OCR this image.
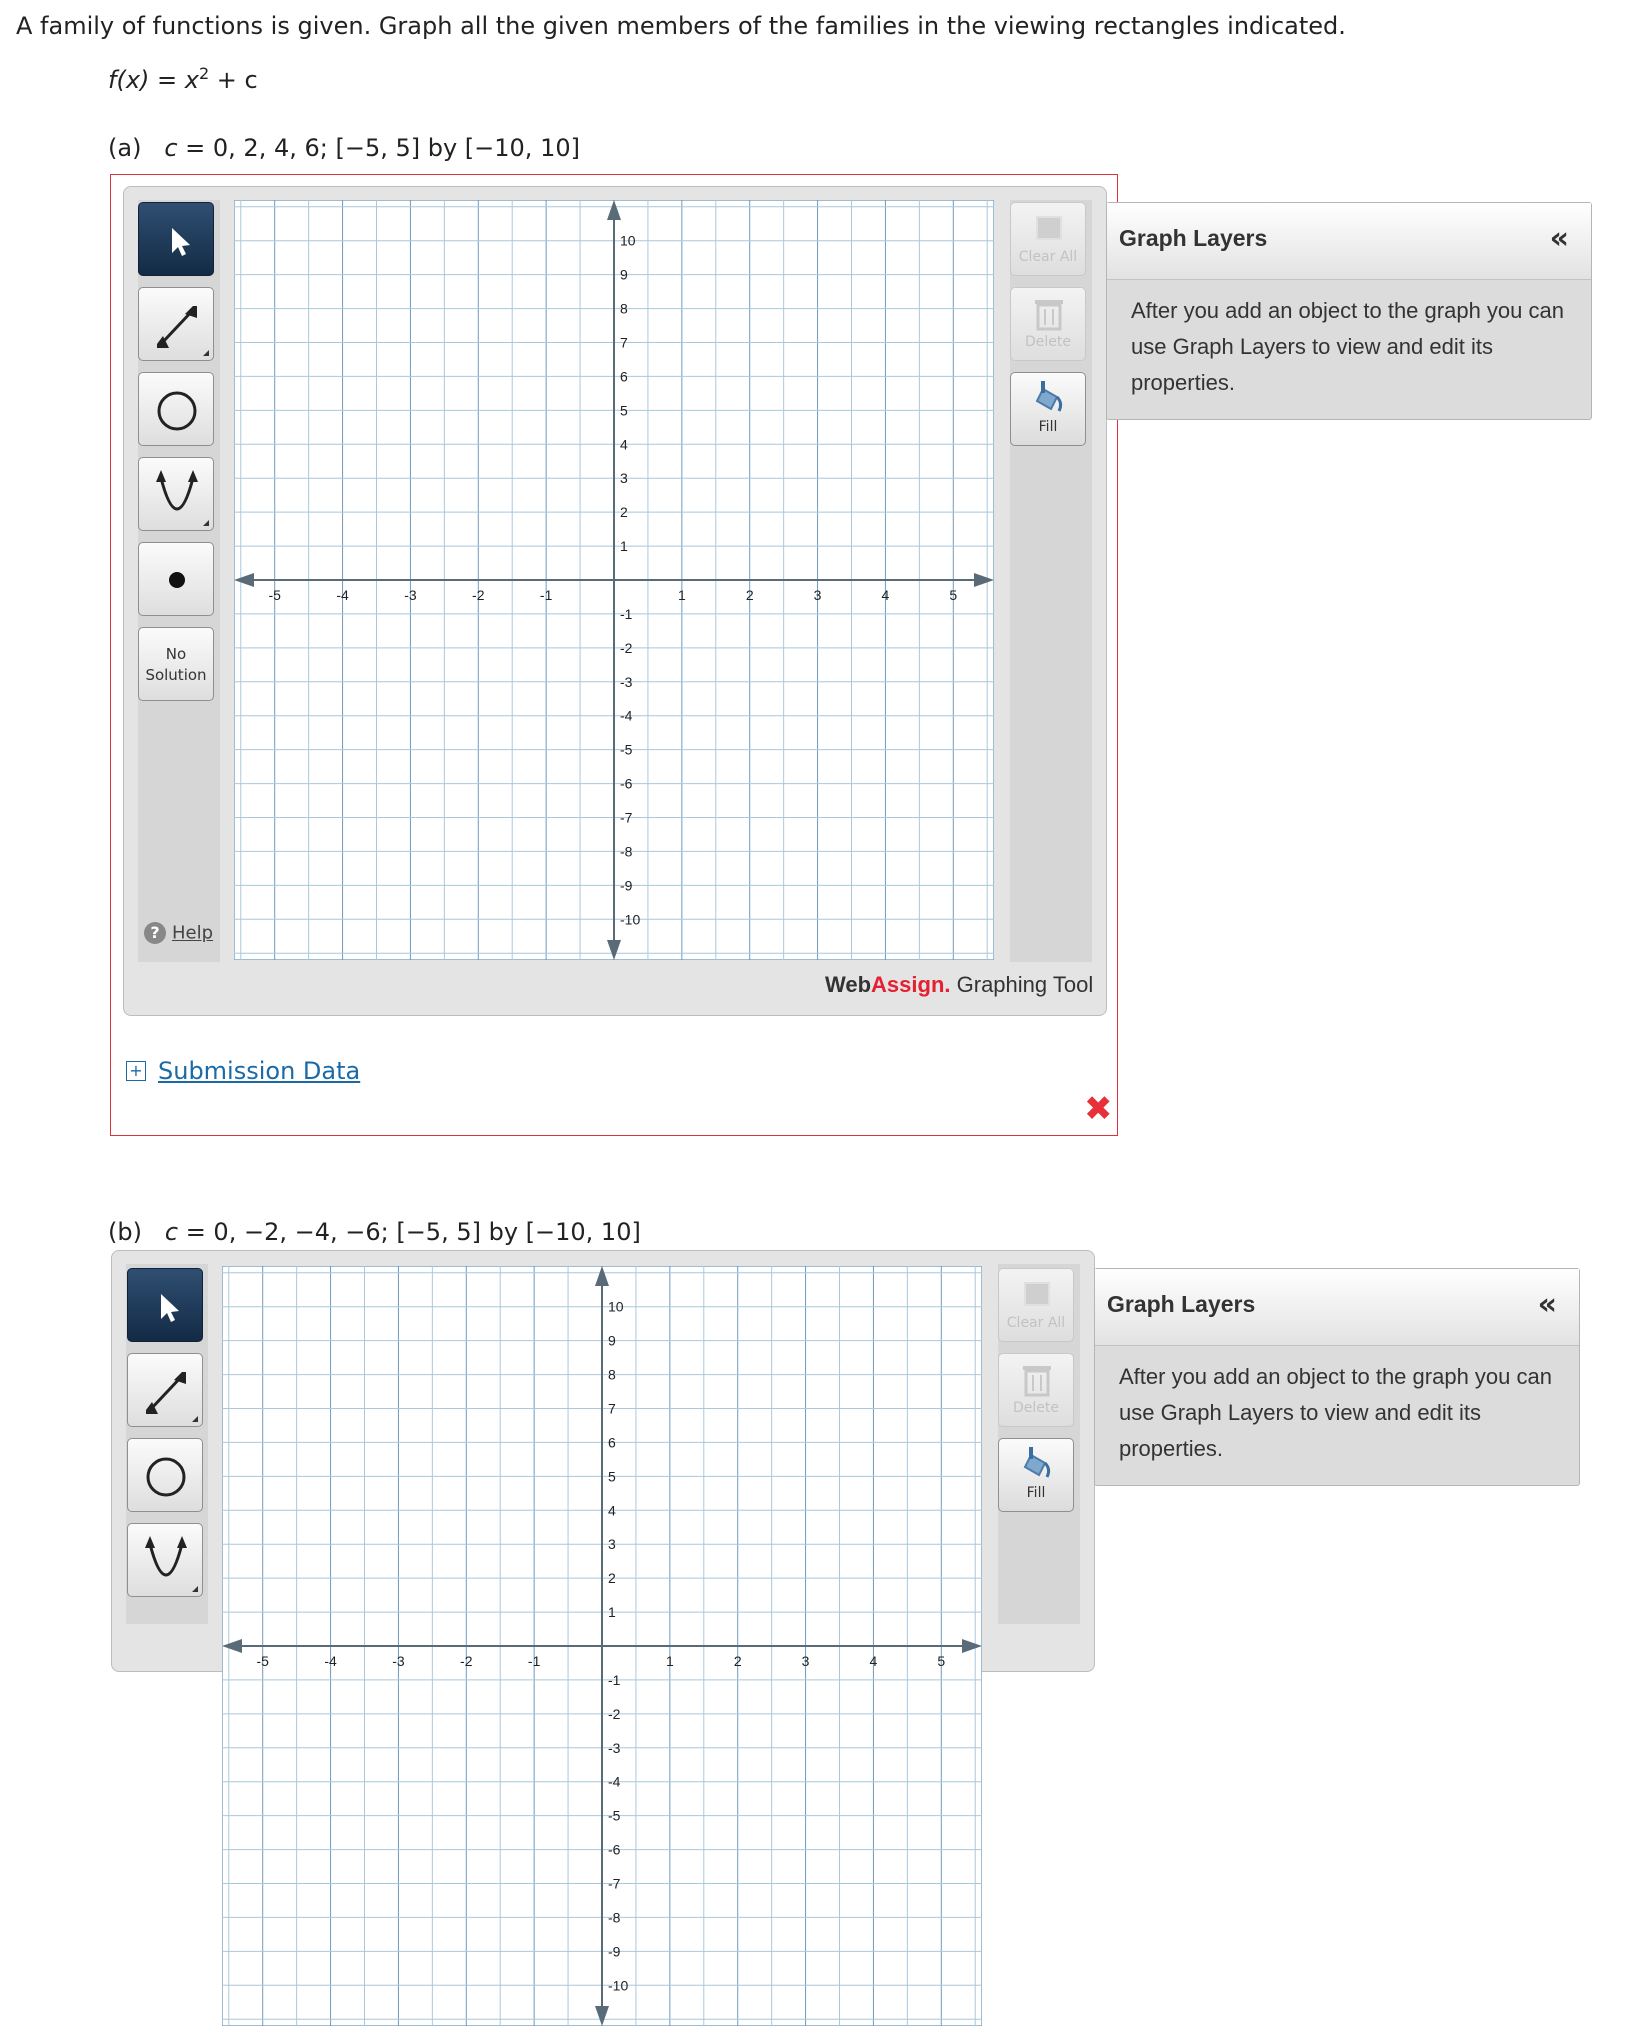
A family of functions is given. Graph all the given members of the families in the viewing rectangles indicated.
$f(x) = x^2 + c$
(a) c = 0, 2, 4, 6; [−5, 5] by [−10, 10]
No
Solution
? Help
-5	-4	-3	-2	-1	1	2	3	4	5
10
9
8
7
6
5
4
3
2
1
-1
-2
-3
-4
-5
-6
-7
-8
-9
-10
Clear All
Delete
Fill
WebAssign. Graphing Tool
Graph Layers	«
After you add an object to the graph you can use Graph Layers to view and edit its properties.
+ Submission Data
✖
(b) c = 0, −2, −4, −6; [−5, 5] by [−10, 10]
-5	-4	-3	-2	-1	1	2	3	4	5
10
9
8
7
6
5
4
3
2
1
-1
-2
-3
-4
-5
-6
-7
-8
-9
-10
Clear All
Delete
Fill
Graph Layers	«
After you add an object to the graph you can use Graph Layers to view and edit its properties.
